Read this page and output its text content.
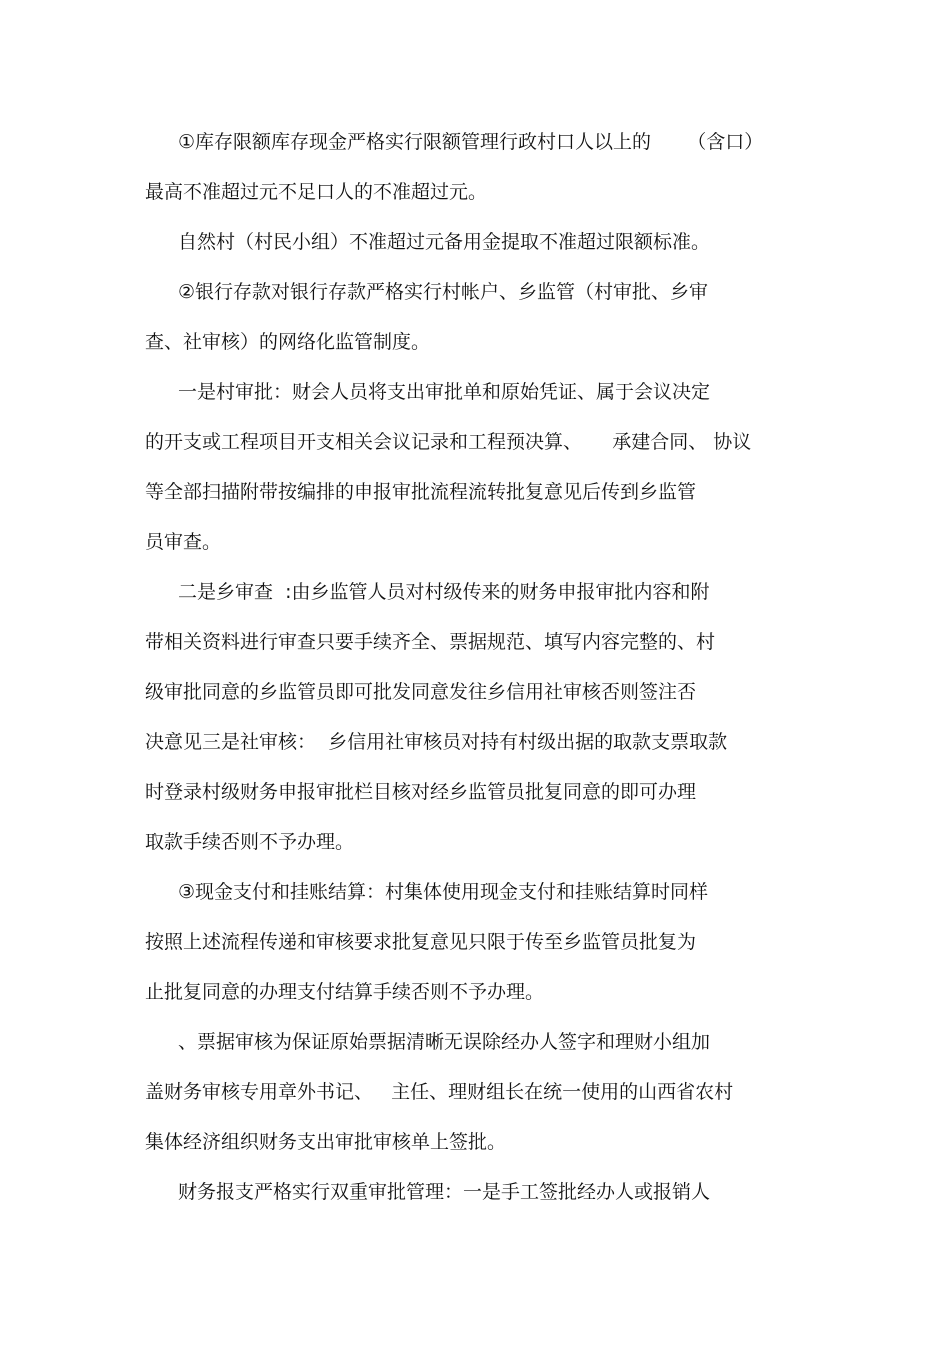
①库存限额库存现金严格实行限额管理行政村口人以上的      （含口）

最高不准超过元不足口人的不准超过元。

自然村（村民小组）不准超过元备用金提取不准超过限额标准。

②银行存款对银行存款严格实行村帐户、乡监管（村审批、乡审

查、社审核）的网络化监管制度。

一是村审批：财会人员将支出审批单和原始凭证、属于会议决定

的开支或工程项目开支相关会议记录和工程预决算、     承建合同、 协议

等全部扫描附带按编排的申报审批流程流转批复意见后传到乡监管

员审查。

二是乡审查  :由乡监管人员对村级传来的财务申报审批内容和附

带相关资料进行审查只要手续齐全、票据规范、填写内容完整的、村

级审批同意的乡监管员即可批发同意发往乡信用社审核否则签注否

决意见三是社审核：  乡信用社审核员对持有村级出据的取款支票取款

时登录村级财务申报审批栏目核对经乡监管员批复同意的即可办理

取款手续否则不予办理。

③现金支付和挂账结算：村集体使用现金支付和挂账结算时同样

按照上述流程传递和审核要求批复意见只限于传至乡监管员批复为

止批复同意的办理支付结算手续否则不予办理。

、票据审核为保证原始票据清晰无误除经办人签字和理财小组加

盖财务审核专用章外书记、   主任、理财组长在统一使用的山西省农村

集体经济组织财务支出审批审核单上签批。

财务报支严格实行双重审批管理：一是手工签批经办人或报销人
